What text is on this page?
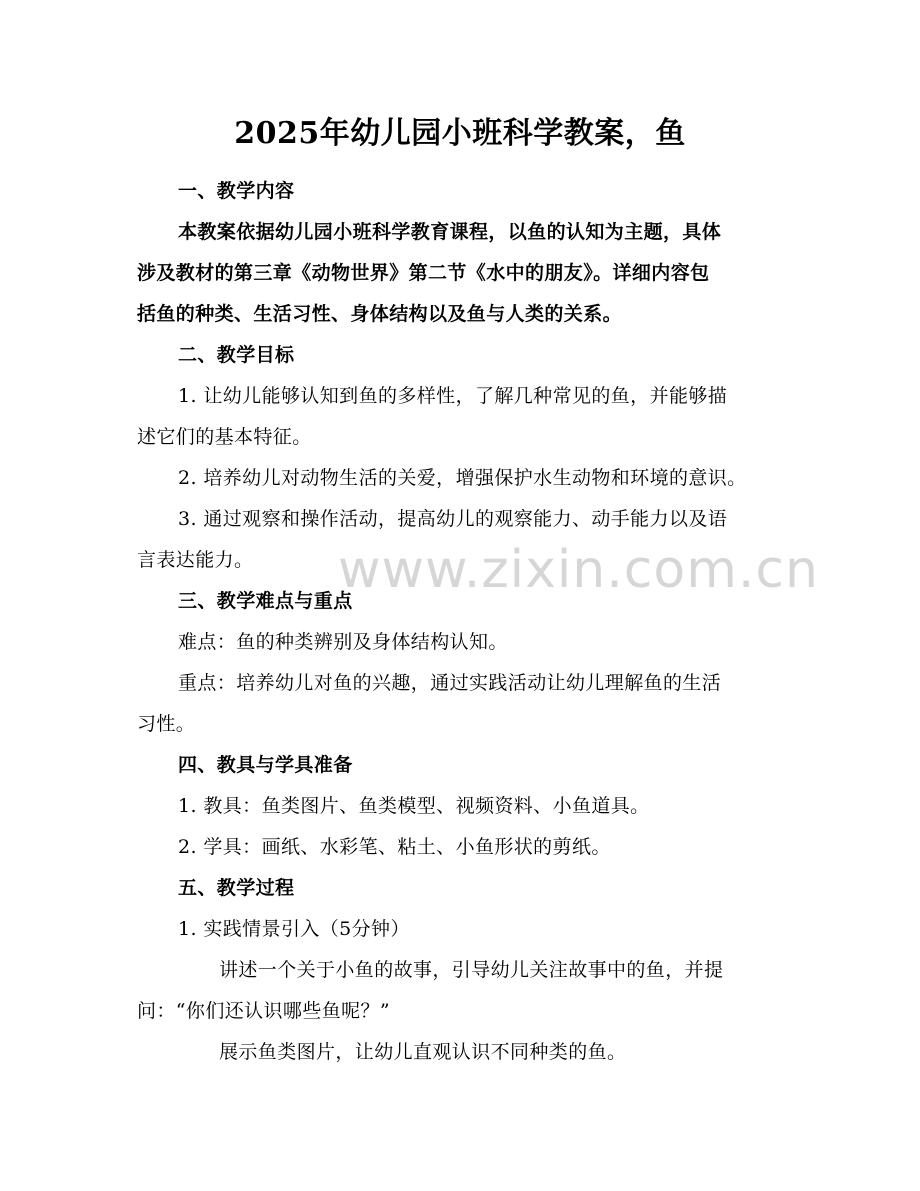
2025年幼儿园小班科学教案，鱼
一、教学内容
本教案依据幼儿园小班科学教育课程，以鱼的认知为主题，具体
涉及教材的第三章《动物世界》第二节《水中的朋友》。详细内容包
括鱼的种类、生活习性、身体结构以及鱼与人类的关系。
二、教学目标
1. 让幼儿能够认知到鱼的多样性，了解几种常见的鱼，并能够描
述它们的基本特征。
2. 培养幼儿对动物生活的关爱，增强保护水生动物和环境的意识。
3. 通过观察和操作活动，提高幼儿的观察能力、动手能力以及语
言表达能力。
三、教学难点与重点
难点：鱼的种类辨别及身体结构认知。
重点：培养幼儿对鱼的兴趣，通过实践活动让幼儿理解鱼的生活
习性。
四、教具与学具准备
1. 教具：鱼类图片、鱼类模型、视频资料、小鱼道具。
2. 学具：画纸、水彩笔、粘土、小鱼形状的剪纸。
五、教学过程
1. 实践情景引入（5分钟）
讲述一个关于小鱼的故事，引导幼儿关注故事中的鱼，并提
问：“你们还认识哪些鱼呢？”
展示鱼类图片，让幼儿直观认识不同种类的鱼。
www.zixin.com.cn
